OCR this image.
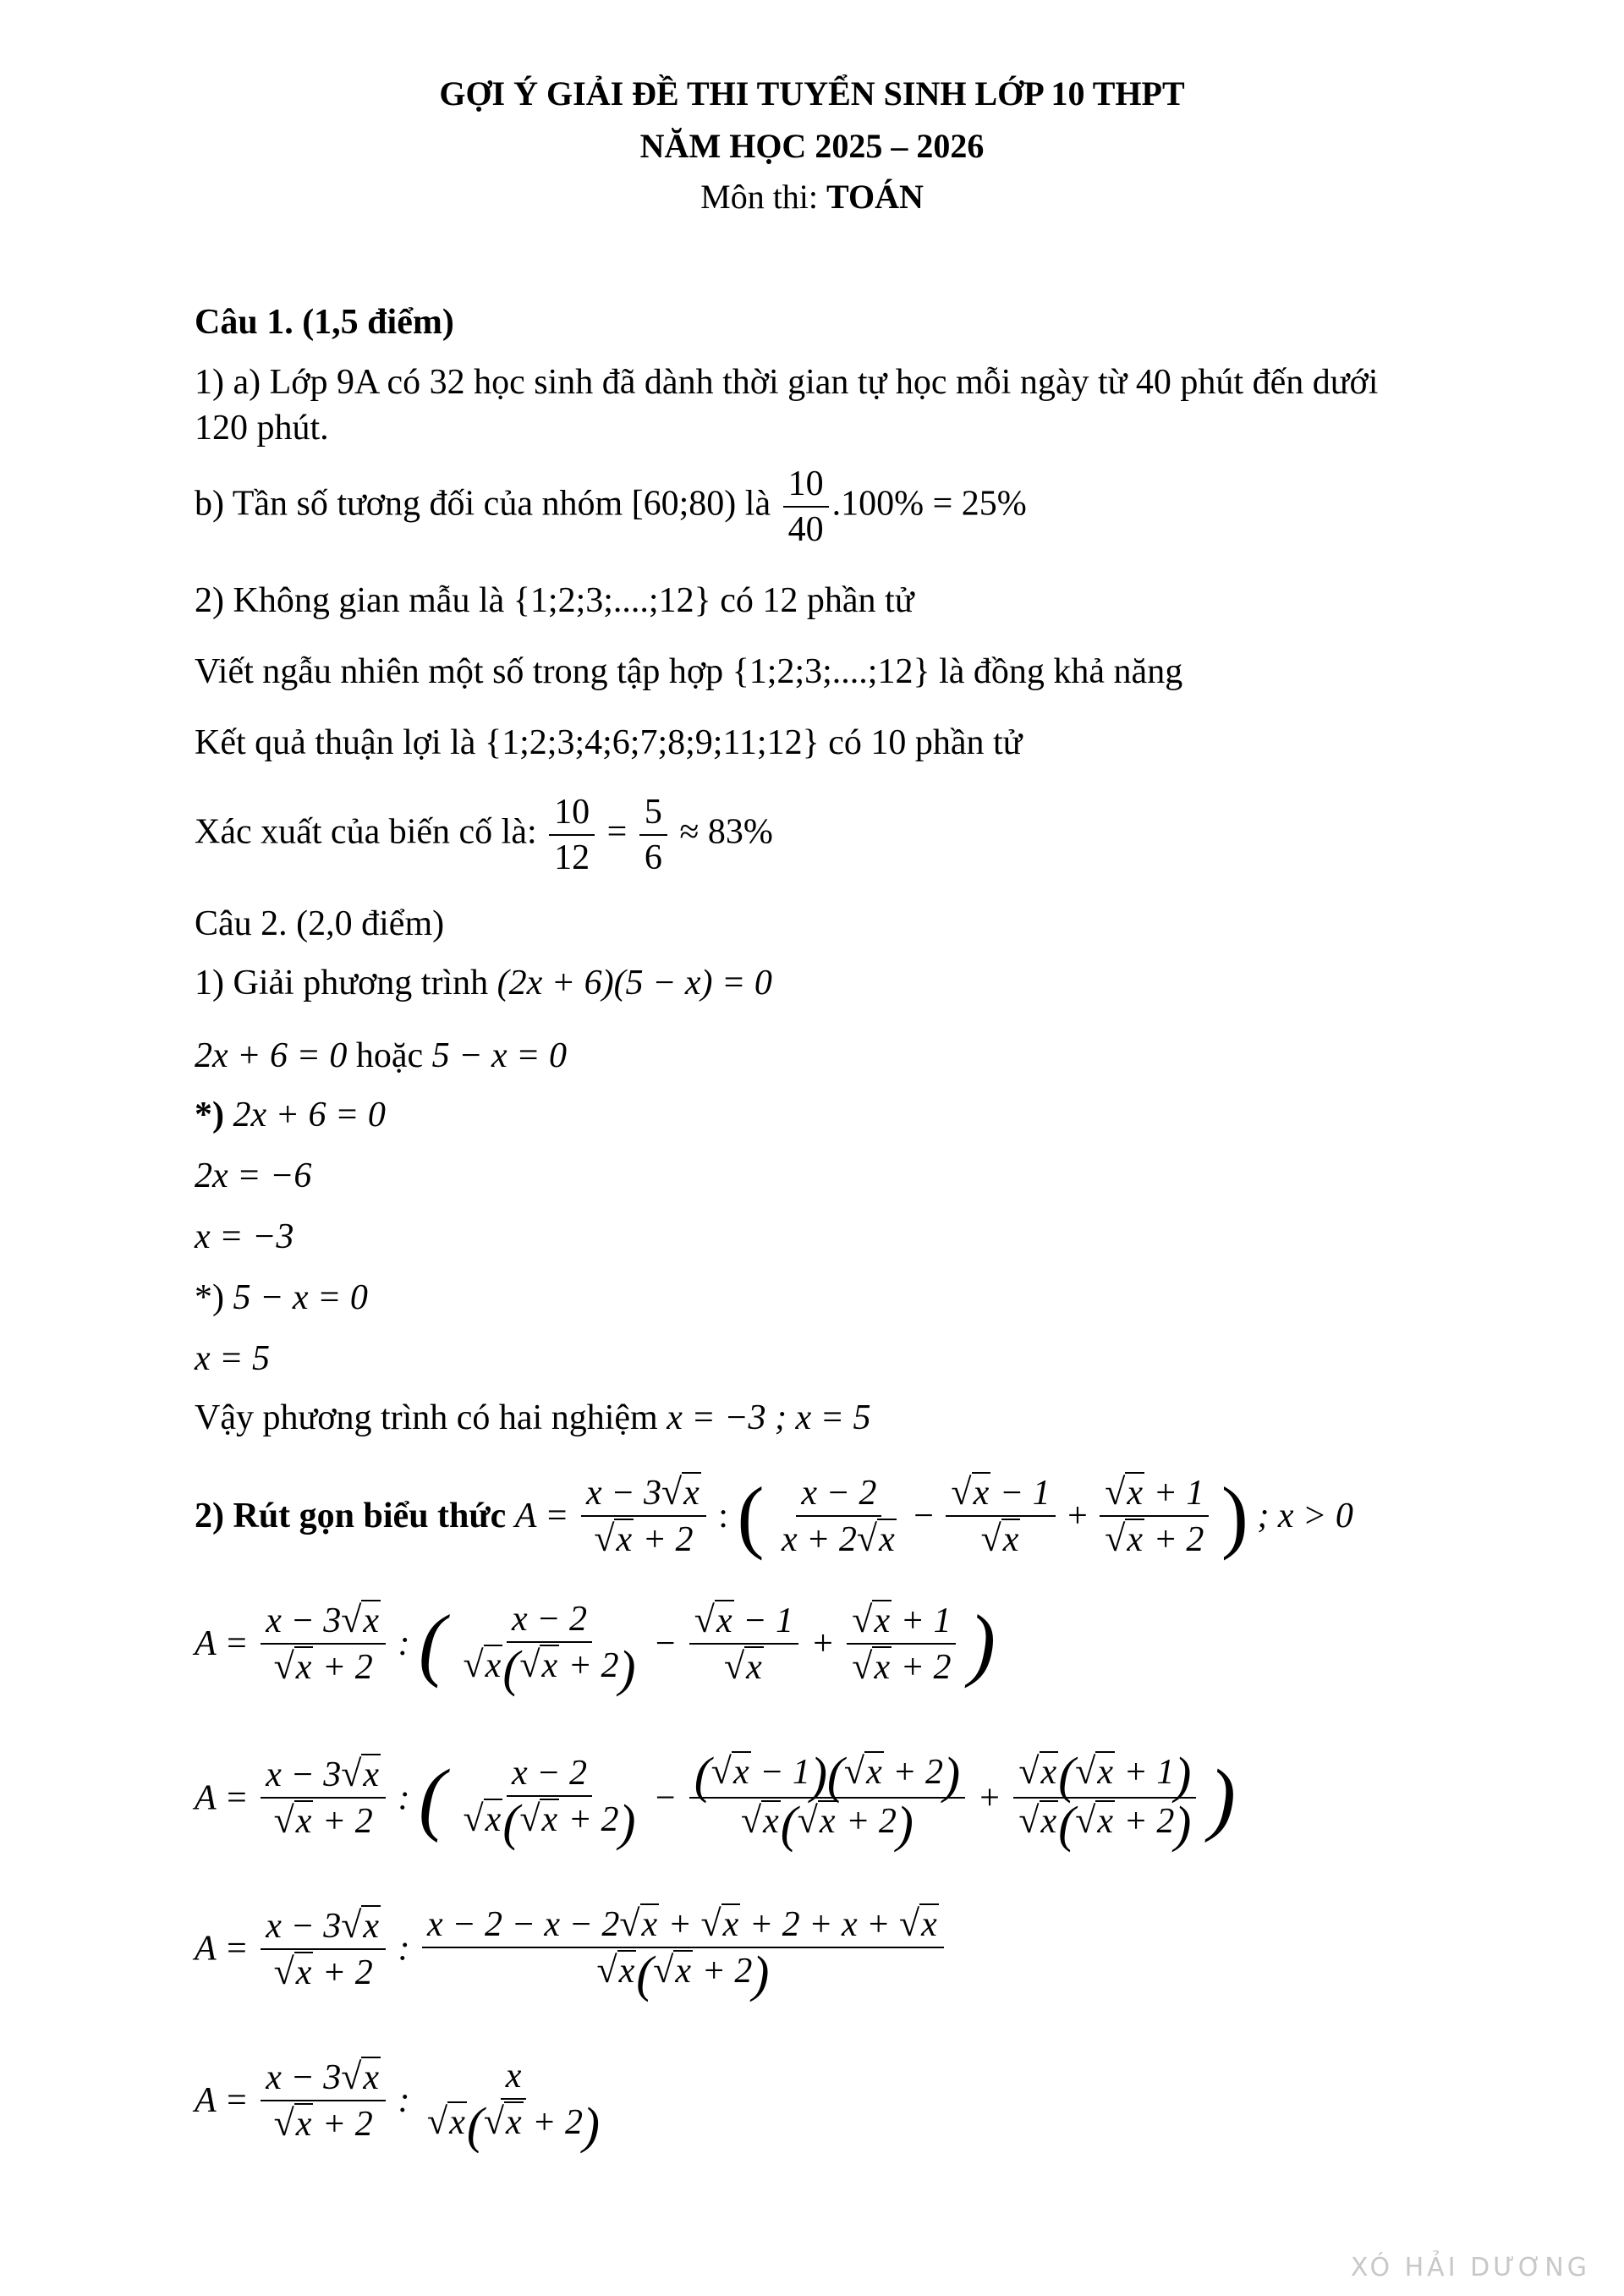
GỢI Ý GIẢI ĐỀ THI TUYỂN SINH LỚP 10 THPT
NĂM HỌC 2025 – 2026
Môn thi: TOÁN
Câu 1. (1,5 điểm)
1) a) Lớp 9A có 32 học sinh đã dành thời gian tự học mỗi ngày từ 40 phút đến dưới
120 phút.
b) Tần số tương đối của nhóm [60;80) là $\frac{10}{40} .100\% = 25\%$
2) Không gian mẫu là {1;2;3;....;12} có 12 phần tử
Viết ngẫu nhiên một số trong tập hợp {1;2;3;....;12} là đồng khả năng
Kết quả thuận lợi là {1;2;3;4;6;7;8;9;11;12} có 10 phần tử
Xác xuất của biến cố là: $\frac{10}{12} = \frac{5}{6} \approx 83\%$
Câu 2. (2,0 điểm)
1) Giải phương trình (2x + 6)(5 − x) = 0
2x + 6 = 0 hoặc 5 − x = 0
*) 2x + 6 = 0
2x = −6
x = −3
*) 5 − x = 0
x = 5
Vậy phương trình có hai nghiệm x = −3 ; x = 5
2) Rút gọn biểu thức $A = \frac{x - 3√x}{√x + 2}$ : ( $\frac{x - 2}{x + 2√x} - \frac{√x - 1}{√x} + \frac{√x + 1}{√x + 2}$ ) ; x > 0
$A = \frac{x - 3√x}{√x + 2}$ : ( $\frac{x - 2}{√x(√x + 2)} - \frac{√x - 1}{√x} + \frac{√x + 1}{√x + 2}$ )
$A = \frac{x - 3√x}{√x + 2}$ : ( $\frac{x - 2}{√x(√x + 2)} - \frac{(√x - 1)(√x + 2)}{√x(√x + 2)} + \frac{√x(√x + 1)}{√x(√x + 2)}$ )
$A = \frac{x - 3√x}{√x + 2}$ : $\frac{x - 2 - x - 2√x + √x + 2 + x + √x}{√x(√x + 2)}$
$A = \frac{x - 3√x}{√x + 2}$ : $\frac{x}{√x(√x + 2)}$
XÓ HẢI DƯƠNG
